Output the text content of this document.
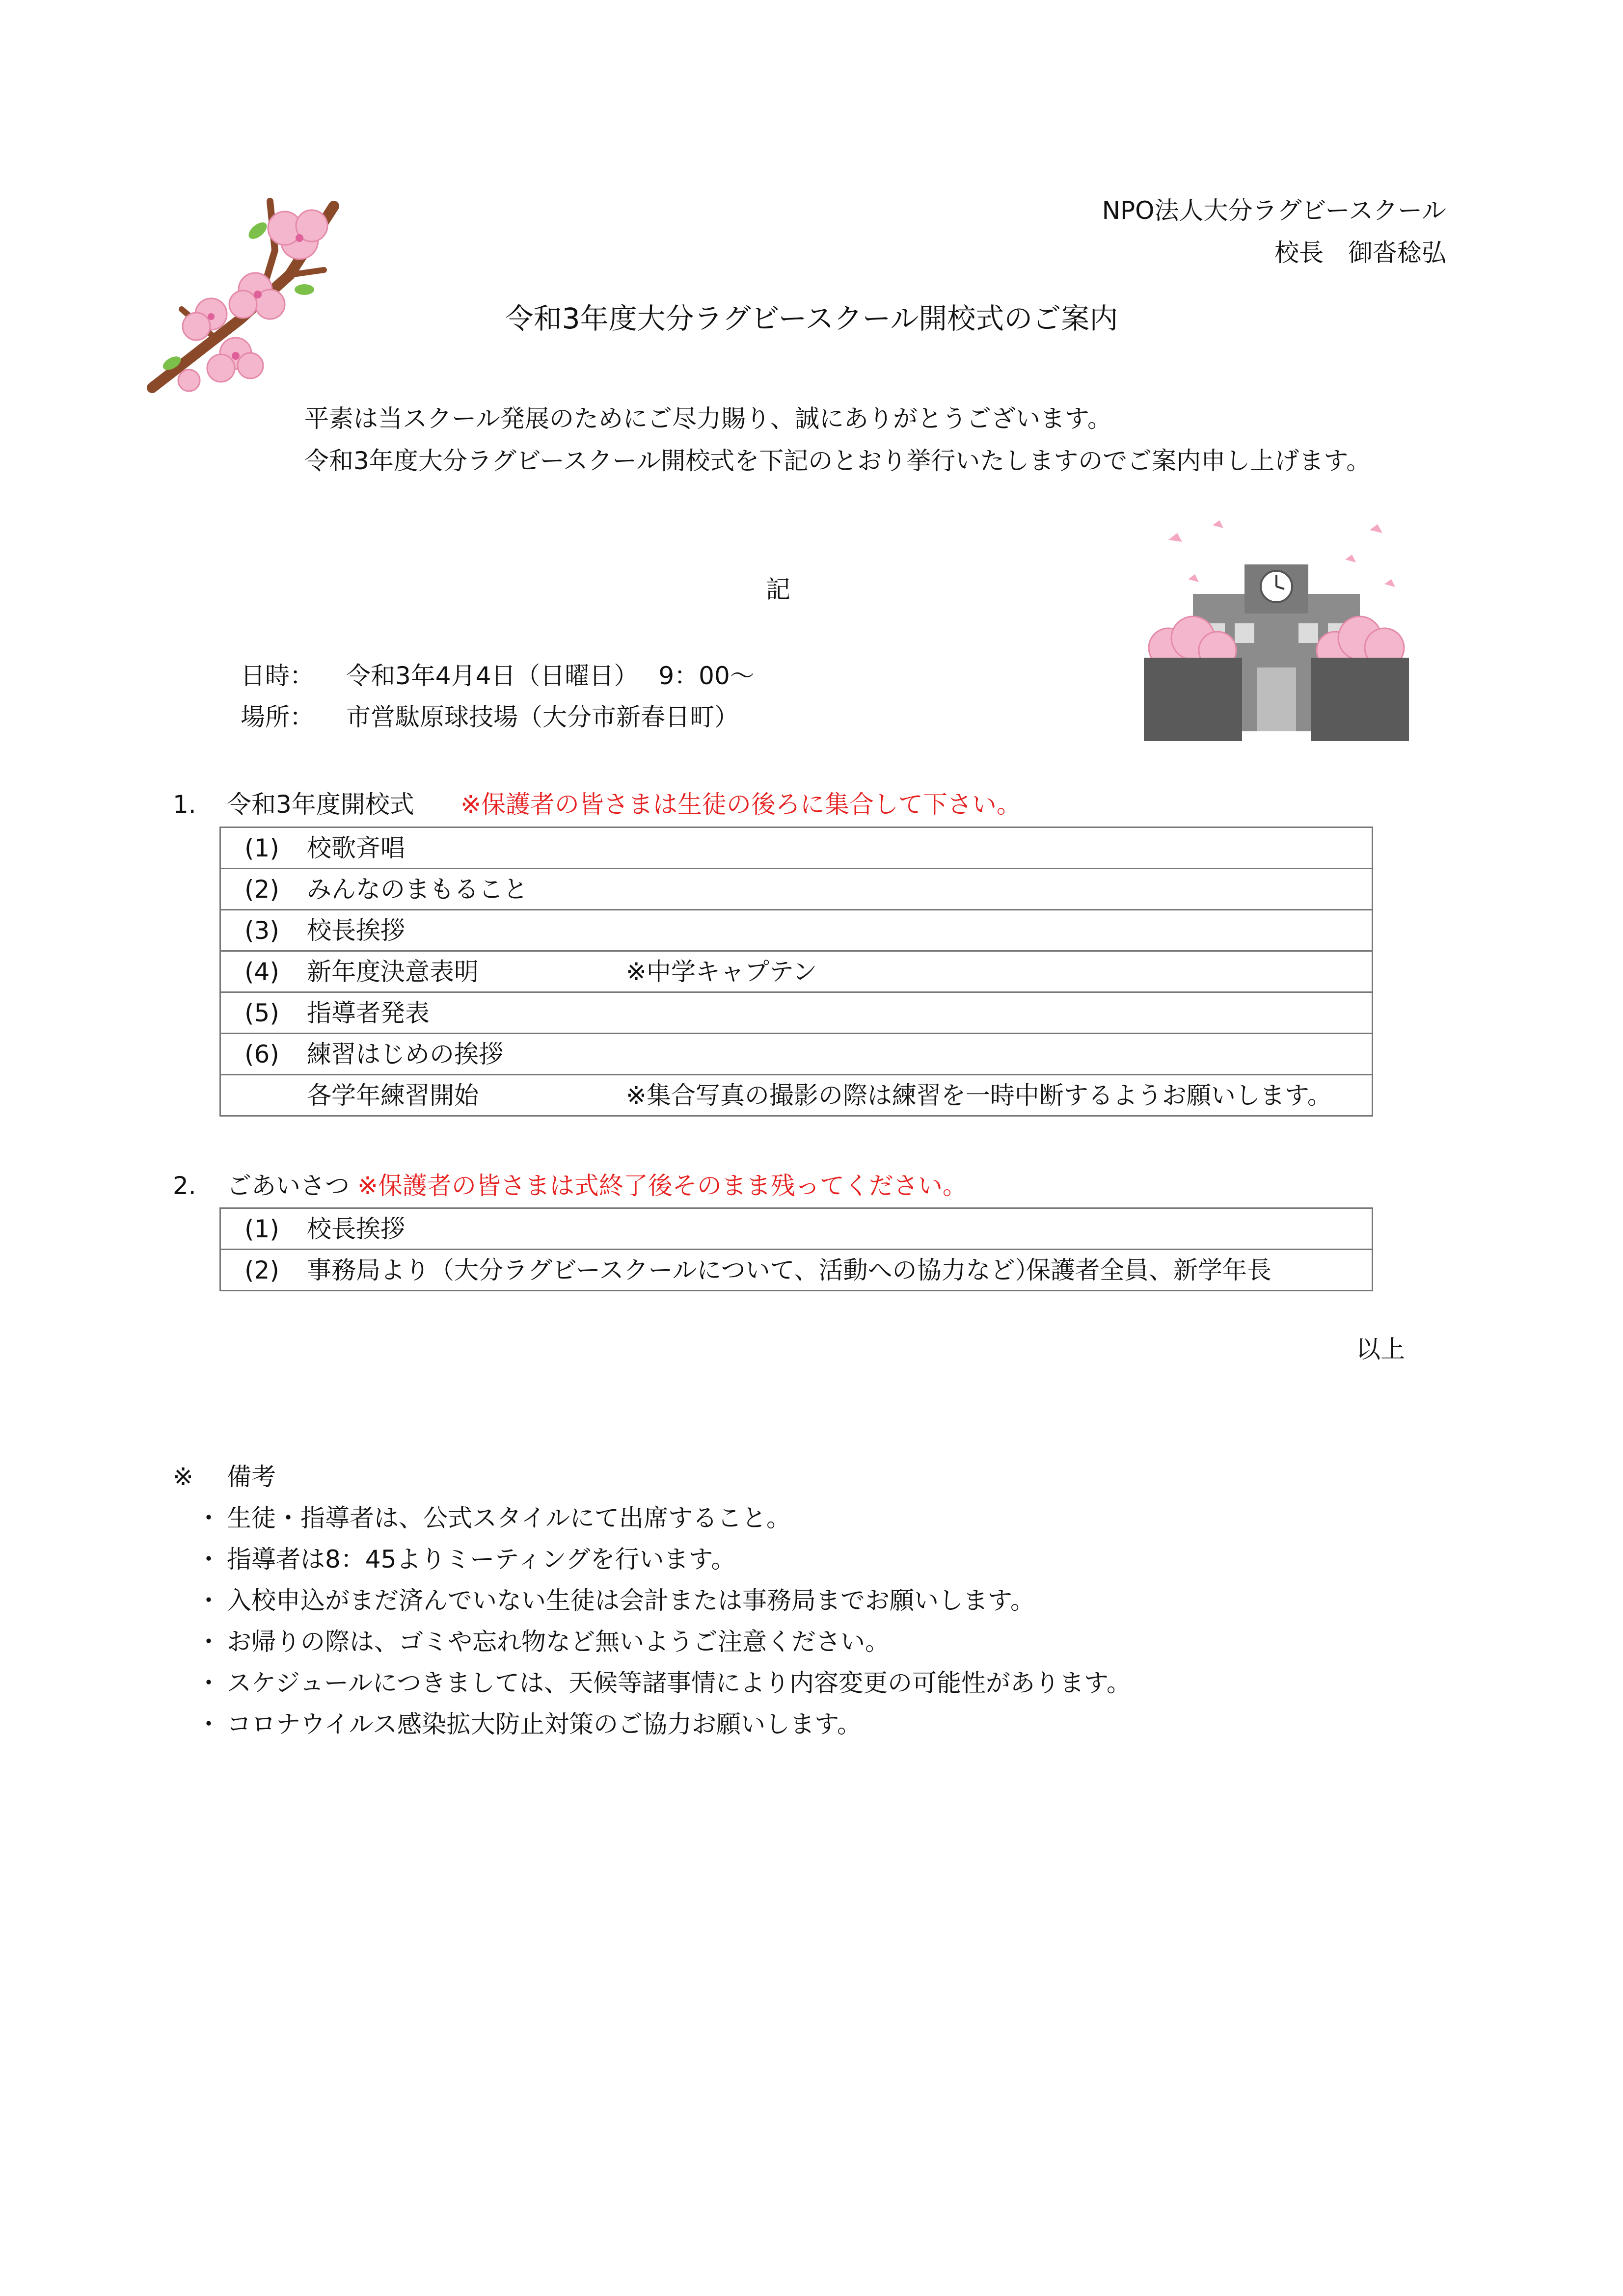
NPO法人大分ラグビースクール
校長　御沓稔弘
令和3年度大分ラグビースクール開校式のご案内
平素は当スクール発展のためにご尽力賜り、誠にありがとうございます。
令和3年度大分ラグビースクール開校式を下記のとおり挙行いたしますのでご案内申し上げます。
記
日時： 令和3年4月4日（日曜日）　 9：00〜
場所： 市営駄原球技場（大分市新春日町）
1. 令和3年度開校式 ※保護者の皆さまは生徒の後ろに集合して下さい。
(1) 校歌斉唱
(2) みんなのまもること
(3) 校長挨拶
(4) 新年度決意表明	※中学キャプテン
(5) 指導者発表
(6) 練習はじめの挨拶
各学年練習開始	※集合写真の撮影の際は練習を一時中断するようお願いします。
2. ごあいさつ ※保護者の皆さまは式終了後そのまま残ってください。
(1) 校長挨拶
(2) 事務局より（大分ラグビースクールについて、活動への協力など）
保護者全員、新学年長
以上
※ 備考
・ 生徒・指導者は、公式スタイルにて出席すること。
・ 指導者は8：45よりミーティングを行います。
・ 入校申込がまだ済んでいない生徒は会計または事務局までお願いします。
・ お帰りの際は、ゴミや忘れ物など無いようご注意ください。
・ スケジュールにつきましては、天候等諸事情により内容変更の可能性があります。
・ コロナウイルス感染拡大防止対策のご協力お願いします。
